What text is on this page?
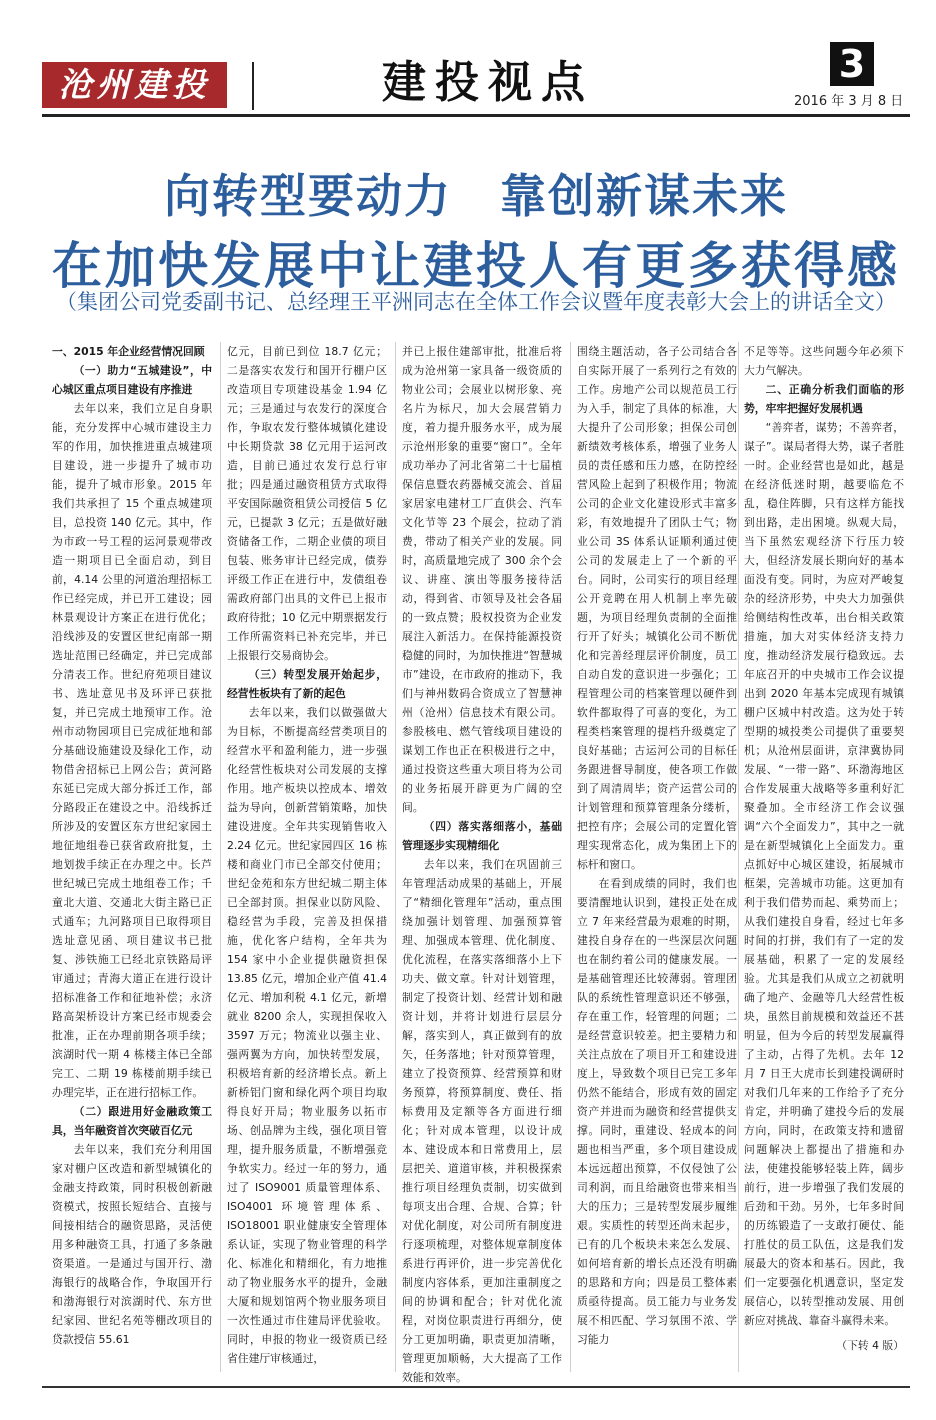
沧州建投	建投视点	3
2016 年 3 月 8 日
向转型要动力　靠创新谋未来
在加快发展中让建投人有更多获得感
（集团公司党委副书记、总经理王平洲同志在全体工作会议暨年度表彰大会上的讲话全文）

一、2015 年企业经营情况回顾

（一）助力“五城建设”，中心城区重点项目建设有序推进

去年以来，我们立足自身职能，充分发挥中心城市建设主力军的作用，加快推进重点城建项目建设，进一步提升了城市功能，提升了城市形象。2015 年我们共承担了 15 个重点城建项目，总投资 140 亿元。其中，作为市政一号工程的运河景观带改造一期项目已全面启动，到目前，4.14 公里的河道治理招标工作已经完成，并已开工建设；园林景观设计方案正在进行优化；沿线涉及的安置区世纪南部一期选址范围已经确定，并已完成部分清表工作。世纪府苑项目建议书、选址意见书及环评已获批复，并已完成土地预审工作。沧州市动物园项目已完成征地和部分基础设施建设及绿化工作，动物借舍招标已上网公告；黄河路东延已完成大部分拆迁工作，部分路段正在建设之中。沿线拆迁所涉及的安置区东方世纪家园土地征地组卷已获省政府批复，土地划拨手续正在办理之中。长芦世纪城已完成土地组卷工作；千童北大道、交通北大街主路已正式通车；九河路项目已取得项目选址意见函、项目建议书已批复、涉铁施工已经北京铁路局评审通过；青海大道正在进行设计招标准备工作和征地补偿；永济路高架桥设计方案已经市规委会批准，正在办理前期各项手续；滨湖时代一期 4 栋楼主体已全部完工、二期 19 栋楼前期手续已办理完毕，正在进行招标工作。

（二）跟进用好金融政策工具，当年融资首次突破百亿元

去年以来，我们充分利用国家对棚户区改造和新型城镇化的金融支持政策，同时积极创新融资模式，按照长短结合、直接与间接相结合的融资思路，灵活使用多种融资工具，打通了多条融资渠道。一是通过与国开行、渤海银行的战略合作，争取国开行和渤海银行对滨湖时代、东方世纪家园、世纪名苑等棚改项目的贷款授信 55.61

亿元，目前已到位 18.7 亿元；二是落实农发行和国开行棚户区改造项目专项建设基金 1.94 亿元；三是通过与农发行的深度合作，争取农发行整体城镇化建设中长期贷款 38 亿元用于运河改造，目前已通过农发行总行审批；四是通过融资租赁方式取得平安国际融资租赁公司授信 5 亿元，已提款 3 亿元；五是做好融资储备工作，二期企业债的项目包装、账务审计已经完成，债券评级工作正在进行中，发债组卷需政府部门出具的文件已上报市政府待批；10 亿元中期票据发行工作所需资料已补充完毕，并已上报银行交易商协会。

（三）转型发展开始起步，经营性板块有了新的起色

去年以来，我们以做强做大为目标，不断提高经营类项目的经营水平和盈利能力，进一步强化经营性板块对公司发展的支撑作用。地产板块以控成本、增效益为导向，创新营销策略，加快建设进度。全年共实现销售收入 2.24 亿元。世纪家园四区 16 栋楼和商业门市已全部交付使用；世纪金苑和东方世纪城二期主体已全部封顶。担保业以防风险、稳经营为手段，完善及担保措施，优化客户结构，全年共为 154 家中小企业提供融资担保 13.85 亿元，增加企业产值 41.4 亿元、增加利税 4.1 亿元，新增就业 8200 余人，实现担保收入 3597 万元；物流业以强主业、强两翼为方向，加快转型发展，积极培育新的经济增长点。新上新桥铝门窗和绿化两个项目均取得良好开局；物业服务以拓市场、创品牌为主线，强化项目管理，提升服务质量，不断增强竞争软实力。经过一年的努力，通过了 ISO9001 质量管理体系、ISO4001 环境管理体系、ISO18001 职业健康安全管理体系认证，实现了物业管理的科学化、标准化和精细化，有力地推动了物业服务水平的提升，金融大厦和规划馆两个物业服务项目一次性通过市住建局评优验收。同时，申报的物业一级资质已经省住建厅审核通过，

并已上报住建部审批，批准后将成为沧州第一家具备一级资质的物业公司；会展业以树形象、亮名片为标尺，加大会展营销力度，着力提升服务水平，成为展示沧州形象的重要“窗口”。全年成功举办了河北省第二十七届植保信息暨农药器械交流会、首届家居家电建材工厂直供会、汽车文化节等 23 个展会，拉动了消费，带动了相关产业的发展。同时，高质量地完成了 300 余个会议、讲座、演出等服务接待活动，得到省、市领导及社会各届的一致点赞；股权投资为企业发展注入新活力。在保持能源投资稳健的同时，为加快推进“智慧城市”建设，在市政府的推动下，我们与神州数码合资成立了智慧神州（沧州）信息技术有限公司。参股核电、燃气管线项目建设的谋划工作也正在积极进行之中，通过投资这些重大项目将为公司的业务拓展开辟更为广阔的空间。

（四）落实落细落小，基础管理逐步实现精细化

去年以来，我们在巩固前三年管理活动成果的基础上，开展了“精细化管理年”活动，重点围绕加强计划管理、加强预算管理、加强成本管理、优化制度、优化流程，在落实落细落小上下功夫、做文章。针对计划管理，制定了投资计划、经营计划和融资计划，并将计划进行层层分解，落实到人，真正做到有的放矢，任务落地；针对预算管理，建立了投资预算、经营预算和财务预算，将预算制度、费任、指标费用及定额等各方面进行细化；针对成本管理，以设计成本、建设成本和日常费用上，层层把关、道道审核，并积极探索推行项目经理负责制，切实做到每项支出合理、合规、合算；针对优化制度，对公司所有制度进行逐项梳理，对整体规章制度体系进行再评价，进一步完善优化制度内容体系，更加注重制度之间的协调和配合；针对优化流程，对岗位职责进行再细分，使分工更加明确，职责更加清晰，管理更加顺畅，大大提高了工作效能和效率。

围绕主题活动，各子公司结合各自实际开展了一系列行之有效的工作。房地产公司以规范员工行为入手，制定了具体的标准，大大提升了公司形象；担保公司创新绩效考核体系，增强了业务人员的责任感和压力感，在防控经营风险上起到了积极作用；物流公司的企业文化建设形式丰富多彩，有效地提升了团队士气；物业公司 3S 体系认证顺利通过使公司的发展走上了一个新的平台。同时，公司实行的项目经理公开竞聘在用人机制上率先破题，为项目经理负责制的全面推行开了好头；城镇化公司不断优化和完善经理层评价制度，员工自动自发的意识进一步强化；工程管理公司的档案管理以硬件到软件都取得了可喜的变化，为工程类档案管理的提档升级奠定了良好基础；古运河公司的目标任务跟进督导制度，使各项工作做到了周清周毕；资产运营公司的计划管理和预算管理条分缕析，把控有序；会展公司的定置化管理实现常态化，成为集团上下的标杆和窗口。

在看到成绩的同时，我们也要清醒地认识到，建投正处在成立 7 年来经营最为艰难的时期，建投自身存在的一些深层次问题也在制约着公司的健康发展。一是基础管理还比较薄弱。管理团队的系统性管理意识还不够强，存在重工作，轻管理的问题；二是经营意识较差。把主要精力和关注点放在了项目开工和建设进度上，导致数个项目已完工多年仍然不能结合，形成有效的固定资产并进而为融资和经营提供支撑。同时，重建设、轻成本的问题也相当严重，多个项目建设成本远远超出预算，不仅侵蚀了公司利润，而且给融资也带来相当大的压力；三是转型发展步履维艰。实质性的转型还尚未起步，已有的几个板块未来怎么发展、如何培育新的增长点还没有明确的思路和方向；四是员工整体素质亟待提高。员工能力与业务发展不相匹配、学习氛围不浓、学习能力

不足等等。这些问题今年必须下大力气解决。

二、正确分析我们面临的形势，牢牢把握好发展机遇

“善弈者，谋势；不善弈者，谋子”。谋局者得大势，谋子者胜一时。企业经营也是如此，越是在经济低迷时期，越要临危不乱，稳住阵脚，只有这样方能找到出路，走出困境。纵观大局，当下虽然宏观经济下行压力较大，但经济发展长期向好的基本面没有变。同时，为应对严峻复杂的经济形势，中央大力加强供给侧结构性改革，出台相关政策措施，加大对实体经济支持力度，推动经济发展行稳致远。去年底召开的中央城市工作会议提出到 2020 年基本完成现有城镇棚户区城中村改造。这为处于转型期的城投类公司提供了重要契机；从沧州层面讲，京津冀协同发展、“一带一路”、环渤海地区合作发展重大战略等多重利好汇聚叠加。全市经济工作会议强调“六个全面发力”，其中之一就是在新型城镇化上全面发力。重点抓好中心城区建设，拓展城市框架，完善城市功能。这更加有利于我们借势而起、乘势而上；从我们建投自身看，经过七年多时间的打拼，我们有了一定的发展基础，积累了一定的发展经验。尤其是我们从成立之初就明确了地产、金融等几大经营性板块，虽然目前规模和效益还不甚明显，但为今后的转型发展赢得了主动，占得了先机。去年 12 月 7 日王大虎市长到建投调研时对我们几年来的工作给予了充分肯定，并明确了建投今后的发展方向，同时，在政策支持和遗留问题解决上都提出了措施和办法，使建投能够轻装上阵，阔步前行，进一步增强了我们发展的后劲和干劲。另外，七年多时间的历练锻造了一支敢打硬仗、能打胜仗的员工队伍，这是我们发展最大的资本和基石。因此，我们一定要强化机遇意识，坚定发展信心，以转型推动发展、用创新应对挑战、靠奋斗赢得未来。

（下转 4 版）
